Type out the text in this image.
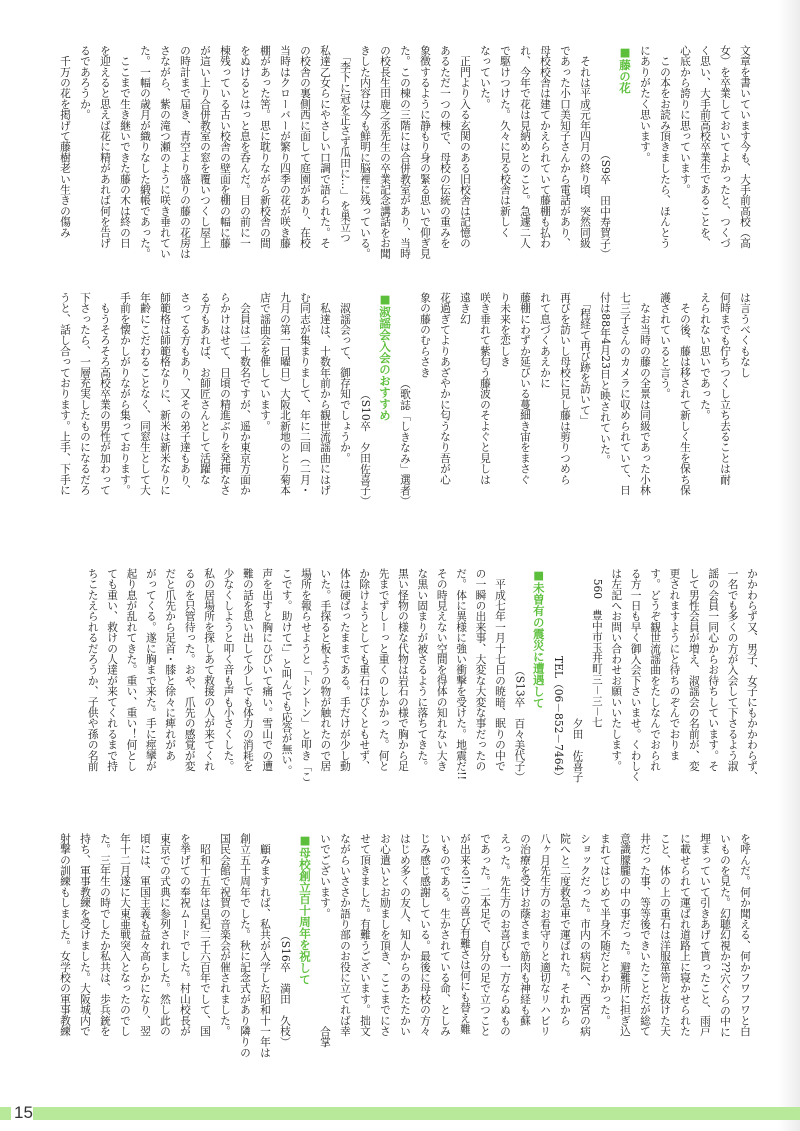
文章を書いています今も、大手前高校（高
女）を卒業しておいてよかったと、つくづ
く思い、大手前高校卒業生であることを、
心底から誇りに思っています。
　この本をお読み頂きましたら、ほんとう
にありがたく思います。
■
藤の花
（S9卒　田中寿賀子）
　それは平成元年四月の終り頃、突然同級
であった小口美知子さんから電話があり、
母校校舎は建てかえられていて藤棚も払わ
れ、今年で花は見納めとのこと。急遽二人
で駆けつけた。久々に見る校舎は新しく
なっていた。
　正門より入る玄関のある旧校舎は記憶の
あるただ一つの棟で、母校の伝統の重みを
象徴するように静もり身の緊る思いで仰ぎ見
た。この棟の三階には合併教室があり、当時
の校長生田鹿之丞先生の卒業記念講話をお聞
きした内容は今も鮮明に脳裡に残っている。
　「李下に冠を正さず瓜田に…」を巣立つ
私達乙女らにやさしい口調で語られた。そ
の校舎の裏側西に面して庭園があり、在校
当時はクローバーが繁り四季の花が咲き藤
棚があった筈。思に耽りながら新校舎の間
をぬけるとはっと息を呑んだ。目の前に一
棟残っている古い校舎の壁面を棚の幅に藤
が這い上り合併教室の窓を覆いつくし屋上
の時計まで届き、青空より盛りの藤の花房は
さながら、紫の滝つ瀬のように咲き垂れてい
た。一幅の歳月が織りなした緞帳であった。
　ここまで生き継いできた藤の木は終の日
を迎えると思えば花に精があれば何を告げ
るであろうか。
　千万の花を掲げて藤樹老い生きの傷み
は言うべくもなし
何時までも佇ちつくし立ち去ることは耐
えられない思いであった。
　その後、藤は移されて新しく生を保ち保
護されていると言う。
　なお当時の藤の全景は同級であった小林
七三子さんのカメラに収められていて、日
付は88年4月23日と映されていた。
　「程経て再び跡を訪いて」
再びを訪いし母校に見し藤は剪りつめら
れて息づくあえかに
藤棚にわずか延びいる蔓細き宙をまさぐ
り未来を恋しき
咲き垂れて紫匂う藤波のそよぐと見しは
遠き幻
花過ぎてよりあざやかに匂うなり吾が心
象の藤のむらさき
（歌誌「しきなみ」選者）
■
淑謡会入会のおすすめ
（S10卒　夕田佐喜子）
　淑謡会って、御存知でしょうか。
　私達は、十数年前から観世流謡曲にはげ
む同志が集まりまして、年に二回（二月・
九月の第一日曜日）大阪北新地のとり菊本
店で謡曲会を催しています。
　会員は二十数名ですが、遥か東京方面か
らかけはせて、日頃の精進ぶりを発揮なさ
る方もあれば、お師匠さんとして活躍な
さってる方もあり、又その弟子達もあり、
師範格は師範格なりに、新米は新米なりに
年齢にこだわることなく、同窓生として大
手前を懐かしがりながら集っております。
　もうそろそろ高校卒業の男性が加わって
下さったら、一層充実したものになるだろ
うと、話し合っております。上手、下手に
かかわらず又、男子、女子にもかかわらず、
一名でも多くの方が入会して下さるよう淑
謡の会員一同心からお待ちしています。そ
して男性会員が増え、淑謡会の名前が、変
更されますようにと待ちのぞんでおりま
す。どうぞ観世流謡曲をたしなんでおられ
る方一日も早く御入会下さいませ。くわしく
は左記へお問い合わせお願いいたします。
　560　豊中市玉井町三－三－七
夕田　佐喜子
TEL（06－852－7464）
■
未曽有の震災に遭遇して
（S13卒　百々美代子）
　平成七年一月十七日の暁暗、眠りの中で
の一瞬の出来事、大変な大変な事だったの
だ。体に異様に強い衝撃を受けた。地震だ!!
その時見えない空間を得体の知れない大き
な黒い固まりが被さるように落ちてきた。
黒い怪物の様な代物は岩石の様で胸から足
先までずしーっと重くのしかかった。何と
か除けようとしても重石はぴくともせず、
体は硬ばったままである。手だけが少し動
いた。手探ると板ようの物が触れたので居
場所を報らせようと「トントン」と叩き「こ
こです。助けて!」と叫んでも応答が無い。
声を出すと胸にひびいて痛い。雪山での遭
難の話を思い出して少しでも体力の消耗を
少なくしようと叩く音も声も小さくした。
私の居場所を探しあて救援の人が来てくれ
るのを只管待った。おや、爪先の感覚が変
だと爪先から足首・膝と徐々に痺れがあ
がってくる。遂に胸まで来た。手に痙攣が
起り息が乱れてきた。重い、重い！何とし
ても重い、救けの人達が来てくれるまで持
ちこたえられるだろうか、子供や孫の名前
を呼んだ。何か聞える、何かフワフワと白
いものを見た。幻聴幻視か??穴ぐらの中に
埋まっていて引きあげて貰ったこと、雨戸
に載せられて運ばれ道路上に寝かせられた
こと、体の上の重石は洋服箪笥と抜けた天
井だった事、等等後できいたことだが総て
意識朦朧の中の事だった。避難所に担ぎ込
まれてはじめて半身不随だとわかった。
ショックだった。市内の病院へ、西宮の病
院へと二度救急車で運ばれた。それから
八ヶ月先生方のお看守りと適切なリハビリ
の治療を受けお蔭さまで筋肉も神経も蘇
えった。先生方のお喜びも一方ならぬもの
であった。二本足で、自分の足で立つこと
が出来る!!この喜び有難さは何にも替え難
いものである。生かされている命、としみ
じみ感じ感謝している。最後に母校の方々
はじめ多くの友人、知人からのあたたかい
お心遣いとお励ましを頂き、ここまでにさ
せて頂きました。有難うございます。拙文
ながらいささか語り部のお役に立てれば幸
いでございます。
合掌
■
母校創立百十周年を祝して
（S16卒　満田　久枝）
　顧みますれば、私共が入学した昭和十一年は
創立五十周年でした。秋に記念式があり隣りの
国民会館で祝賀の音楽会が催されました。
　昭和十五年は皇紀二千六百年でして、国
を挙げての奉祝ムードでした。村山校長が
東京での式典に参列されました。然し此の
頃には、軍国主義も益々高らかになり、翌
年十二月遂に大東亜戦突入となったのでし
た。三年生の時でしたか私共は、歩兵銃を
持ち、軍事教練を受けました。大阪城内で
射撃の訓練もしました。女学校の軍事教練
15
